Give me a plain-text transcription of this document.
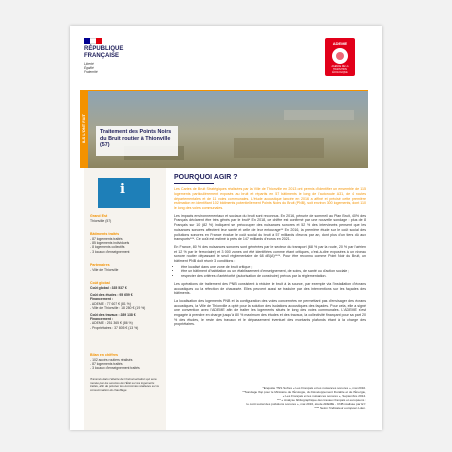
RÉPUBLIQUE
FRANÇAISE
Liberté
Égalité
Fraternité
ADEME
AGENCE DE LA TRANSITION ÉCOLOGIQUE
ILS L'ONT FAIT	Traitement des Points Noirs du Bruit routier à Thionville (57)
i
Grand Est
Thionville (57)
Bâtiments traités

- 87 logements traités

- 85 logements individuels

- 8 logements collectifs

- 3 locaux d'enseignement

Partenaires

- Ville de Thionville

Coût global

Coût global : 335 537 €

Coût des études : 95 659 €

Financement :

- ADEME : 77 607 € (81 %)

- Ville de Thionville : 18 280 € (19 %)

Coût des travaux : 289 138 €

Financement :

- ADEME : 251 365 € (86 %)

- Propriétaires : 37 805 € (13 %)

Bilan en chiffres

- 102 accès routiers réalisés

- 87 logements traités

- 3 locaux d'enseignement traités

Transmis dans l'attente de l'instrumentation qui sera menée par les services de l'État sur les logements traités, afin de préciser les économies réalisées sur la consommation de chauffage.
POURQUOI AGIR ?

Les Cartes de Bruit Stratégiques réalisées par la Ville de Thionville en 2013 ont permis d'identifier un ensemble de 115 logements particulièrement exposés au bruit et répartis en 57 bâtiments le long de l'autoroute A31, de 4 routes départementales et de 11 voies communales. L'étude acoustique lancée en 2016 a affiné et précisé cette première estimation en identifiant 102 bâtiments potentiellement Points Noirs du Bruit (PNB), soit environ 300 logements, dont 110 le long des voies communales.

Les impacts environnementaux et sociaux du bruit sont reconnus. En 2016, pénurie de sommeil au Plan Bruit, 40% des Français déclarent être très gênés par le bruit* En 2018, ce chiffre est confirmé par une nouvelle sondage : plus de 8 Français sur 10 (82 %) indiquent se préoccuper des nuisances sonores et 52 % des interviewés pensent que les nuisances sonores affectent leur santé et celle de leur entourage** En 2016, la première étude sur le coût social des pollutions sonores en France évalue le coût social du bruit à 57 milliards d'euros par an, dont plus d'un tiers dû aux transports***. Ce coût est estimé à près de 147 milliards d'euros en 2021.

En France, 80 % des nuisances sonores sont générées par le secteur du transport (68 % par la route, 20 % par l'aérien et 12 % par le ferroviaire) et 3 000 zones ont été identifiées comme étant critiques, c'est-à-dire exposées à un niveau sonore routier dépassant le seuil réglementaire de 68 dB(A)****. Pour être reconnu comme Point Noir du Bruit, un bâtiment PNB doit réunir 3 conditions :

• être localisé dans une zone de bruit critique ;
• être un bâtiment d'habitation ou un établissement d'enseignement, de soins, de santé ou d'action sociale ;
• respecter des critères d'antériorité (autorisation de construire) prévus par la réglementation.

Les opérations de traitement des PNB consistent à réduire le bruit à la source, par exemple via l'installation d'écrans acoustiques ou la réfection de chaussée. Elles peuvent aussi se traduire par des interventions sur les façades des bâtiments.

La localisation des logements PNB et la configuration des voies concernées ne permettant pas d'envisager des écrans acoustiques, la Ville de Thionville a opté pour la solution des isolations acoustiques des façades. Pour cela, elle a signé une convention avec l'ADEME afin de traiter les logements situés le long des voies communales. L'ADEME s'est engagée à prendre en charge jusqu'à 80 % maximum des études et des travaux, la collectivité finançant pour sa part 20 % des études, le reste des travaux et le dépassement éventuel des montants plafonds étant à la charge des propriétaires.

*Enquête TNS Sofres « Les Français et les nuisances sonores », mai 2010.
**Sondage Ifop pour le Ministère de l'Écologie, du Développement Durable et de l'Énergie,
« Les Français et les nuisances sonores », Septembre 2014.
*** « Analyse bibliographique des travaux français et européens :
le coût social des pollutions sonores », mai 2016, étude ADEME - CNB réalisée par EY.
**** Selon l'indicateur européen Lden.
